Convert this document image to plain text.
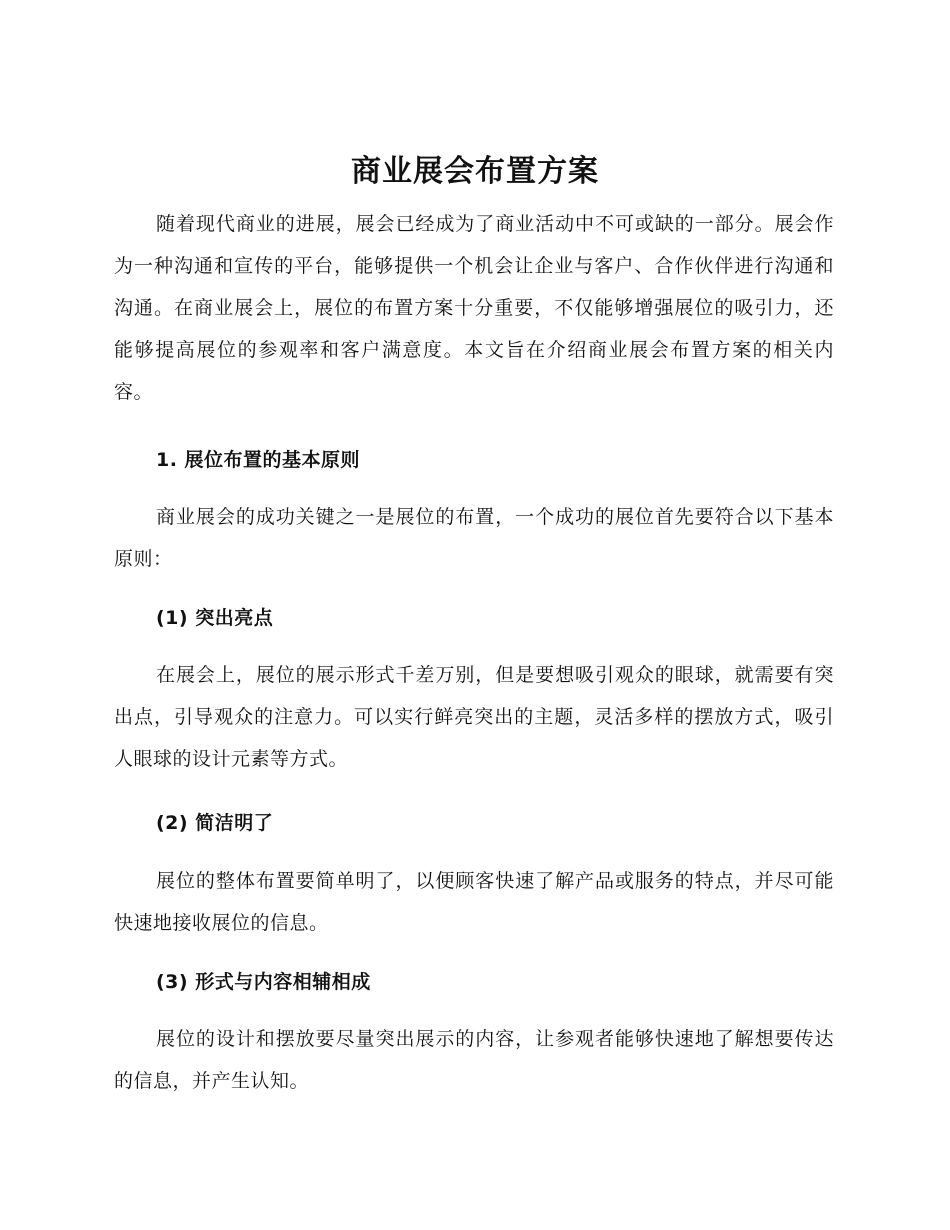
商业展会布置方案

随着现代商业的进展，展会已经成为了商业活动中不可或缺的一部分。展会作为一种沟通和宣传的平台，能够提供一个机会让企业与客户、合作伙伴进行沟通和沟通。在商业展会上，展位的布置方案十分重要，不仅能够增强展位的吸引力，还能够提高展位的参观率和客户满意度。本文旨在介绍商业展会布置方案的相关内容。

1. 展位布置的基本原则

商业展会的成功关键之一是展位的布置，一个成功的展位首先要符合以下基本原则：

(1) 突出亮点

在展会上，展位的展示形式千差万别，但是要想吸引观众的眼球，就需要有突出点，引导观众的注意力。可以实行鲜亮突出的主题，灵活多样的摆放方式，吸引人眼球的设计元素等方式。

(2) 简洁明了

展位的整体布置要简单明了，以便顾客快速了解产品或服务的特点，并尽可能快速地接收展位的信息。

(3) 形式与内容相辅相成

展位的设计和摆放要尽量突出展示的内容，让参观者能够快速地了解想要传达的信息，并产生认知。
